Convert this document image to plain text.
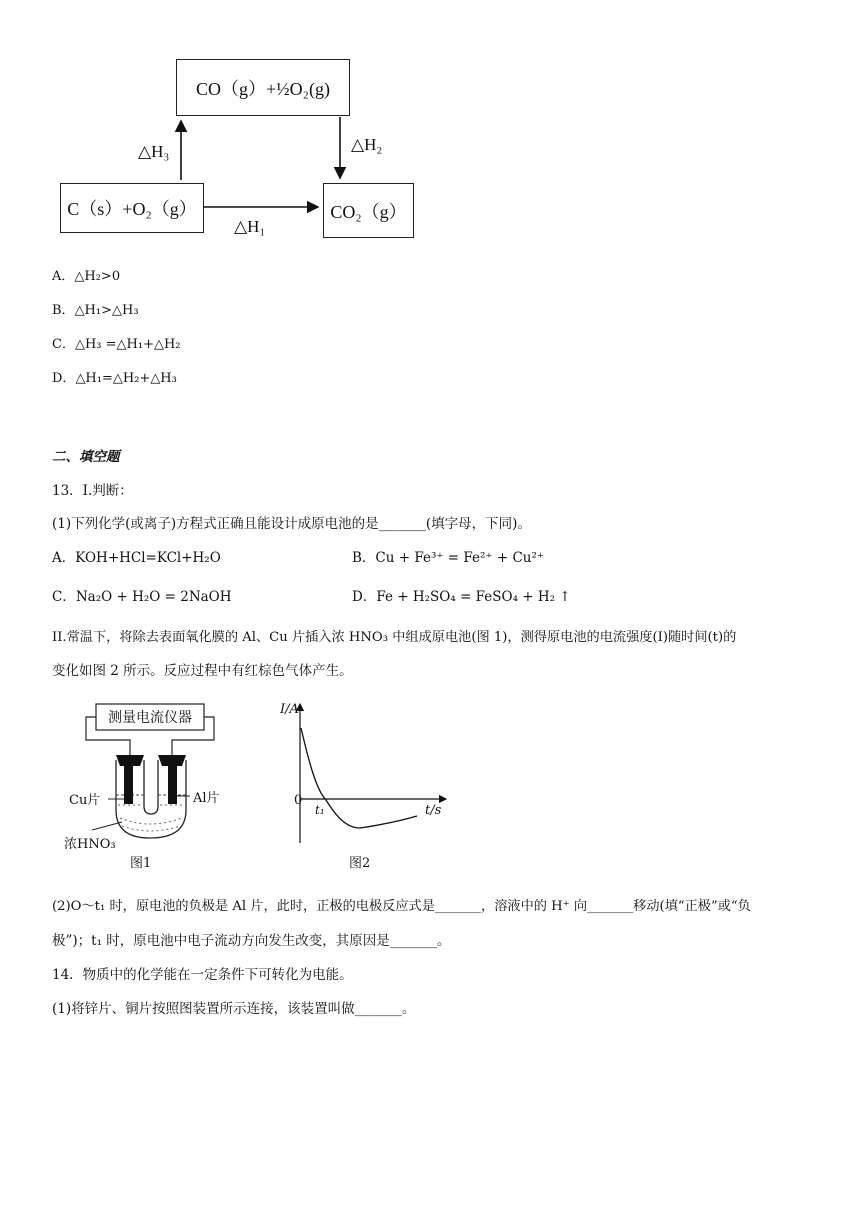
CO（g）+½O₂(g)
C（s）+O₂（g）	CO₂（g）
△H₃	△H₂
△H₁
A．△H₂>0
B．△H₁>△H₃
C．△H₃ =△H₁+△H₂
D．△H₁=△H₂+△H₃
二、填空题
13．I.判断：
(1)下列化学(或离子)方程式正确且能设计成原电池的是_______(填字母，下同)。
A．KOH+HCl=KCl+H₂O	B．Cu + Fe³⁺ = Fe²⁺ + Cu²⁺
C．Na₂O + H₂O = 2NaOH	D．Fe + H₂SO₄ = FeSO₄ + H₂ ↑
II.常温下，将除去表面氧化膜的 Al、Cu 片插入浓 HNO₃ 中组成原电池(图 1)，测得原电池的电流强度(I)随时间(t)的
变化如图 2 所示。反应过程中有红棕色气体产生。
测量电流仪器
Cu片	Al片
浓HNO₃
图1
I/A
t/s
0
t₁
图2
(2)O～t₁ 时，原电池的负极是 Al 片，此时，正极的电极反应式是_______，溶液中的 H⁺ 向_______移动(填“正极”或“负
极”)；t₁ 时，原电池中电子流动方向发生改变，其原因是_______。
14．物质中的化学能在一定条件下可转化为电能。
(1)将锌片、铜片按照图装置所示连接，该装置叫做_______。
